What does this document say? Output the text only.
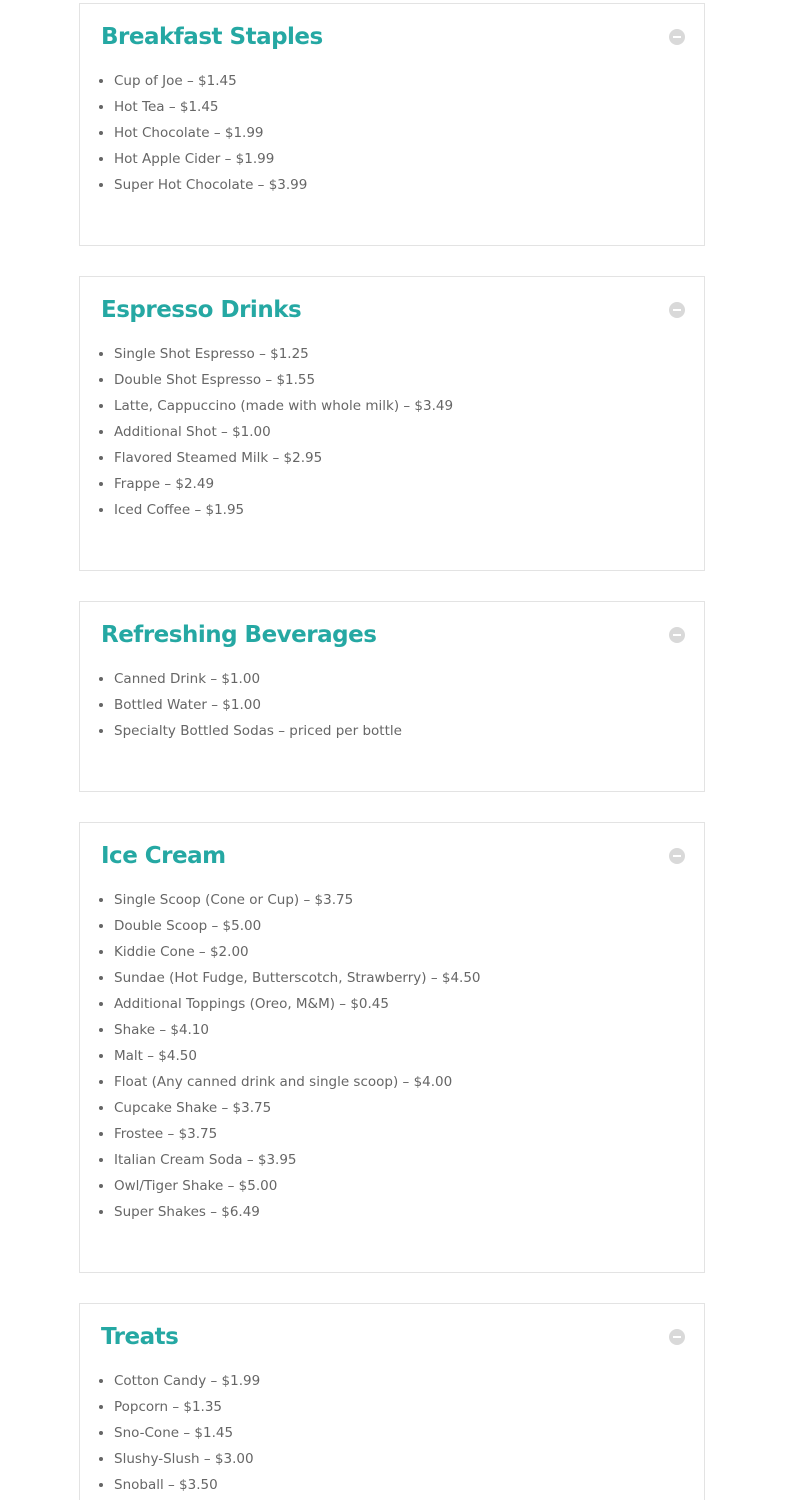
Breakfast Staples
• Cup of Joe – $1.45
• Hot Tea – $1.45
• Hot Chocolate – $1.99
• Hot Apple Cider – $1.99
• Super Hot Chocolate – $3.99
Espresso Drinks
• Single Shot Espresso – $1.25
• Double Shot Espresso – $1.55
• Latte, Cappuccino (made with whole milk) – $3.49
• Additional Shot – $1.00
• Flavored Steamed Milk – $2.95
• Frappe – $2.49
• Iced Coffee – $1.95
Refreshing Beverages
• Canned Drink – $1.00
• Bottled Water – $1.00
• Specialty Bottled Sodas – priced per bottle
Ice Cream
• Single Scoop (Cone or Cup) – $3.75
• Double Scoop – $5.00
• Kiddie Cone – $2.00
• Sundae (Hot Fudge, Butterscotch, Strawberry) – $4.50
• Additional Toppings (Oreo, M&M) – $0.45
• Shake – $4.10
• Malt – $4.50
• Float (Any canned drink and single scoop) – $4.00
• Cupcake Shake – $3.75
• Frostee – $3.75
• Italian Cream Soda – $3.95
• Owl/Tiger Shake – $5.00
• Super Shakes – $6.49
Treats
• Cotton Candy – $1.99
• Popcorn – $1.35
• Sno-Cone – $1.45
• Slushy-Slush – $3.00
• Snoball – $3.50
